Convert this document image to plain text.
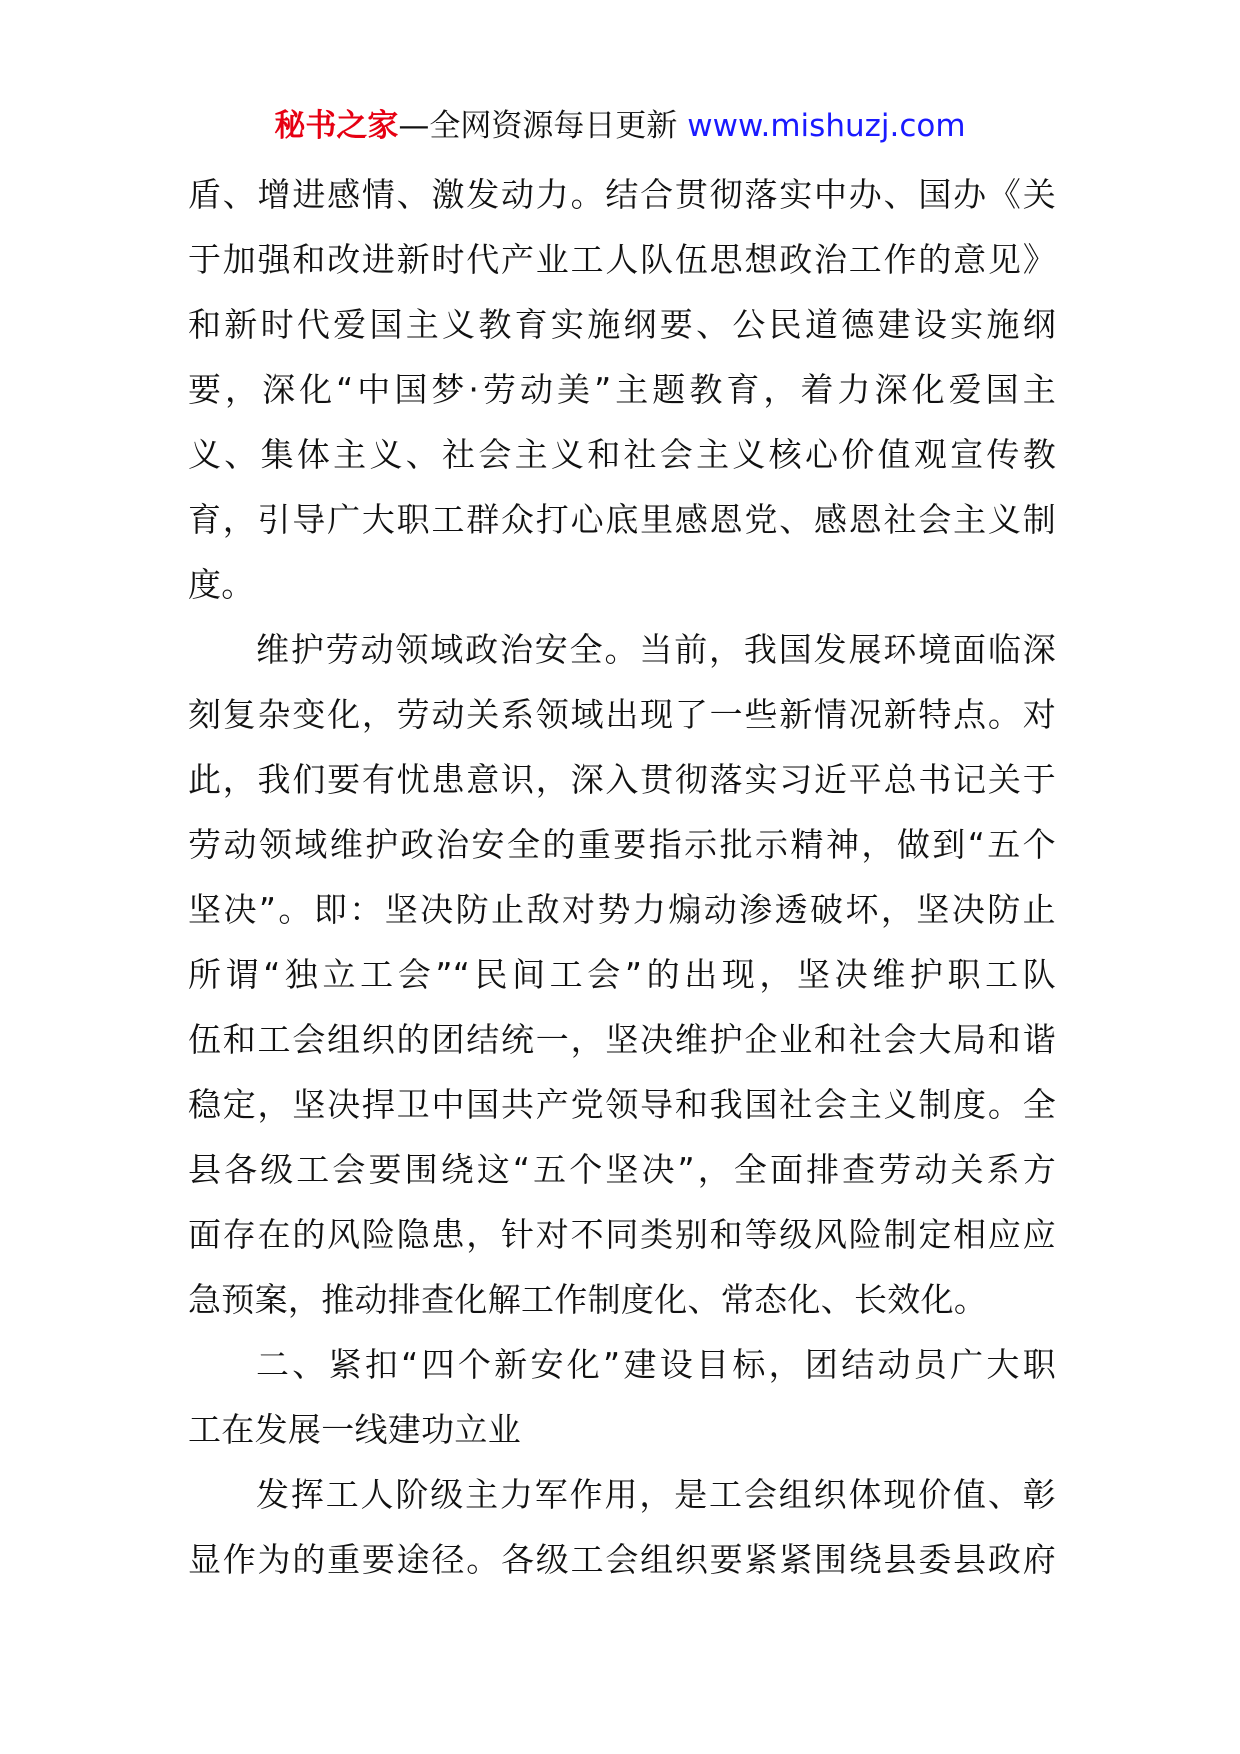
秘书之家—全网资源每日更新 www.mishuzj.com
盾、增进感情、激发动力。结合贯彻落实中办、国办《关
于加强和改进新时代产业工人队伍思想政治工作的意见》
和新时代爱国主义教育实施纲要、公民道德建设实施纲
要，深化“中国梦·劳动美”主题教育，着力深化爱国主
义、集体主义、社会主义和社会主义核心价值观宣传教
育，引导广大职工群众打心底里感恩党、感恩社会主义制
度。
维护劳动领域政治安全。当前，我国发展环境面临深
刻复杂变化，劳动关系领域出现了一些新情况新特点。对
此，我们要有忧患意识，深入贯彻落实习近平总书记关于
劳动领域维护政治安全的重要指示批示精神，做到“五个
坚决”。即：坚决防止敌对势力煽动渗透破坏，坚决防止
所谓“独立工会”“民间工会”的出现，坚决维护职工队
伍和工会组织的团结统一，坚决维护企业和社会大局和谐
稳定，坚决捍卫中国共产党领导和我国社会主义制度。全
县各级工会要围绕这“五个坚决”，全面排查劳动关系方
面存在的风险隐患，针对不同类别和等级风险制定相应应
急预案，推动排查化解工作制度化、常态化、长效化。
二、紧扣“四个新安化”建设目标，团结动员广大职
工在发展一线建功立业
发挥工人阶级主力军作用，是工会组织体现价值、彰
显作为的重要途径。各级工会组织要紧紧围绕县委县政府
